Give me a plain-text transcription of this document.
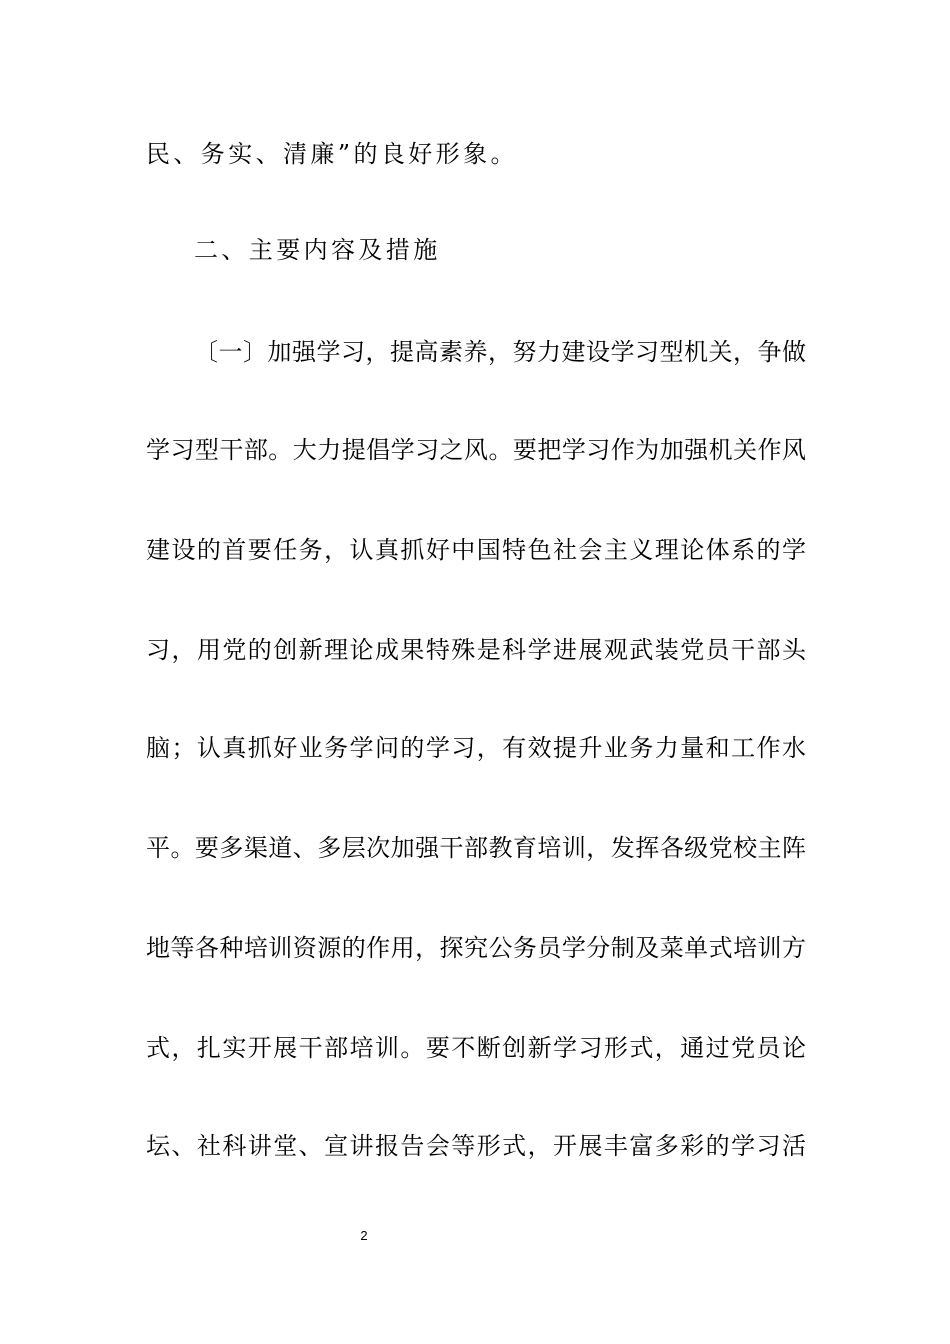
民、务实、清廉”的良好形象。
二、主要内容及措施
〔一〕加强学习，提高素养，努力建设学习型机关，争做
学习型干部。大力提倡学习之风。要把学习作为加强机关作风
建设的首要任务，认真抓好中国特色社会主义理论体系的学
习，用党的创新理论成果特殊是科学进展观武装党员干部头
脑；认真抓好业务学问的学习，有效提升业务力量和工作水
平。要多渠道、多层次加强干部教育培训，发挥各级党校主阵
地等各种培训资源的作用，探究公务员学分制及菜单式培训方
式，扎实开展干部培训。要不断创新学习形式，通过党员论
坛、社科讲堂、宣讲报告会等形式，开展丰富多彩的学习活
2
